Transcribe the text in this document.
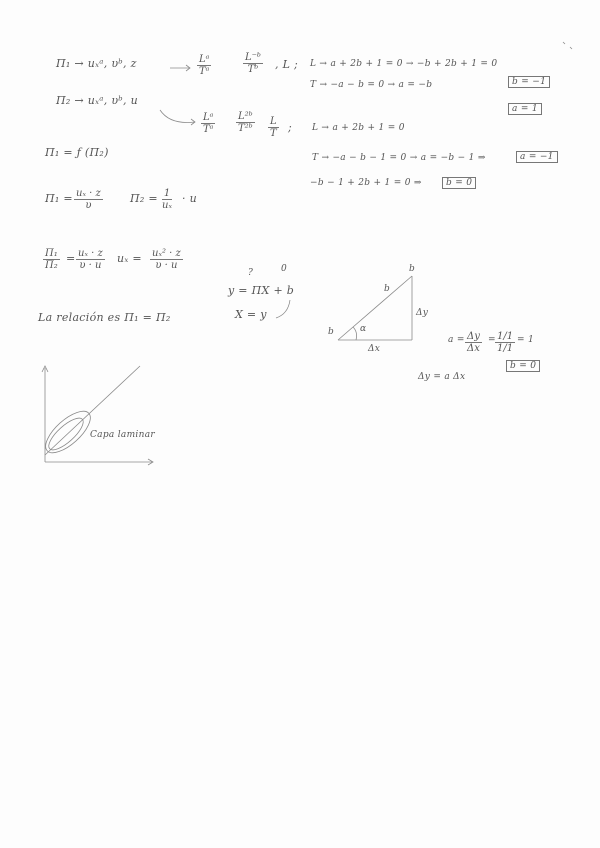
Π₁ → uₓᵃ, υᵇ, z	$\frac{\text{Lᵃ}}{\text{Tᵃ}}$	$\frac{\text{L⁻ᵇ}}{\text{Tᵇ}}$ , L ; L → a + 2b + 1 = 0 → −b + 2b + 1 = 0
b = −1
T → −a − b = 0 → a = −b
a = 1
Π₂ → uₓᵃ, υᵇ, u
$\frac{\text{Lᵃ}}{\text{Tᵃ}} \frac{\text{L²ᵇ}}{\text{T²ᵇ}} \frac{L}{T}$ ; L → a + 2b + 1 = 0
T → −a − b − 1 = 0 → a = −b − 1 ⇒	a = −1
−b − 1 + 2b + 1 = 0 ⇒	b = 0
Π₁ = ƒ (Π₂)
$\Pi_1 = \frac{\text{uₓ · z}}{\upsilon} \Pi_2 = \frac{1}{\text{uₓ}} \cdot u$
$\frac{\text{Π₁}}{\text{Π₂}} = \frac{\text{uₓ · z}}{\upsilon \cdot u}$ $u_x = \frac{\text{uₓ² · z}}{\upsilon \cdot u}$
La relación es Π₁ = Π₂
?	0
y = ΠX + b
X = y
b
b
b	α
Δy
Δx
$a = \frac{\Delta y}{\Delta x} = \frac{1/1}{1/1} = 1$
b = 0
Δy = a Δx
Capa laminar
